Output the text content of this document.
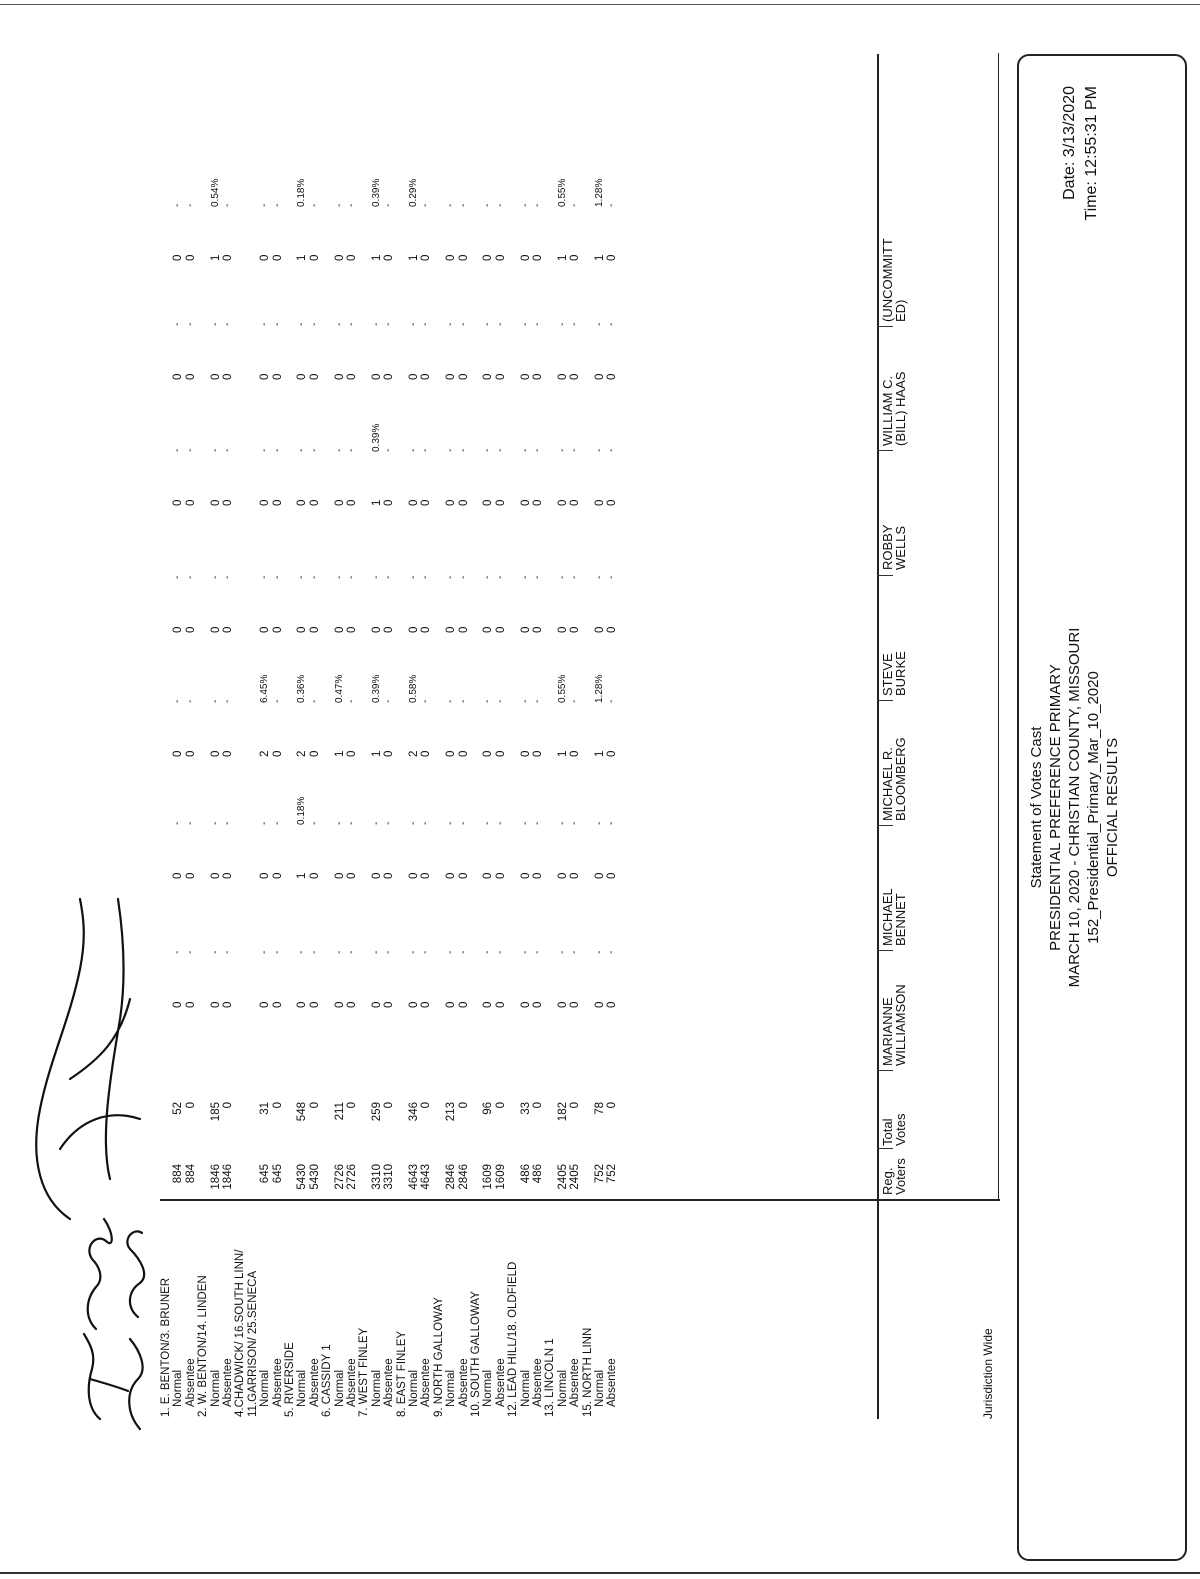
Statement of Votes Cast PRESIDENTIAL PREFERENCE PRIMARY MARCH 10, 2020 - CHRISTIAN COUNTY, MISSOURI 152_Presidential_Primary_Mar_10_2020 OFFICIAL RESULTS
Date: 3/13/2020 Time: 12:55:31 PM
Jurisdiction Wide
Reg.
Voters
Total
Votes
MARIANNE
WILLIAMSON
MICHAEL
BENNET
MICHAEL R.
BLOOMBERG
STEVE
BURKE
ROBBY
WELLS
WILLIAM C.
(BILL) HAAS
(UNCOMMITT
ED)
1. E. BENTON/3. BRUNER Normal
884
52
0
-
0
-
0
-
0
-
0
-
0
-
0
-
Absentee
884
0
0
-
0
-
0
-
0
-
0
-
0
-
0
-
2. W. BENTON/14. LINDEN Normal
1846
185
0
-
0
-
0
-
0
-
0
-
0
-
1
0.54%
Absentee
1846
0
0
-
0
-
0
-
0
-
0
-
0
-
0
-
4.CHADWICK/ 16.SOUTH LINN/ 11.GARRISON/ 25.SENECA Normal
645
31
0
-
0
-
2
6.45%
0
-
0
-
0
-
0
-
Absentee
645
0
0
-
0
-
0
-
0
-
0
-
0
-
0
-
5. RIVERSIDE Normal
5430
548
0
-
1
0.18%
2
0.36%
0
-
0
-
0
-
1
0.18%
Absentee
5430
0
0
-
0
-
0
-
0
-
0
-
0
-
0
-
6. CASSIDY 1 Normal
2726
211
0
-
0
-
1
0.47%
0
-
0
-
0
-
0
-
Absentee
2726
0
0
-
0
-
0
-
0
-
0
-
0
-
0
-
7. WEST FINLEY Normal
3310
259
0
-
0
-
1
0.39%
0
-
1
0.39%
0
-
1
0.39%
Absentee
3310
0
0
-
0
-
0
-
0
-
0
-
0
-
0
-
8. EAST FINLEY Normal
4643
346
0
-
0
-
2
0.58%
0
-
0
-
0
-
1
0.29%
Absentee
4643
0
0
-
0
-
0
-
0
-
0
-
0
-
0
-
9. NORTH GALLOWAY Normal
2846
213
0
-
0
-
0
-
0
-
0
-
0
-
0
-
Absentee
2846
0
0
-
0
-
0
-
0
-
0
-
0
-
0
-
10. SOUTH GALLOWAY Normal
1609
96
0
-
0
-
0
-
0
-
0
-
0
-
0
-
Absentee
1609
0
0
-
0
-
0
-
0
-
0
-
0
-
0
-
12. LEAD HILL/18. OLDFIELD Normal
486
33
0
-
0
-
0
-
0
-
0
-
0
-
0
-
Absentee
486
0
0
-
0
-
0
-
0
-
0
-
0
-
0
-
13. LINCOLN 1 Normal
2405
182
0
-
0
-
1
0.55%
0
-
0
-
0
-
1
0.55%
Absentee
2405
0
0
-
0
-
0
-
0
-
0
-
0
-
0
-
15. NORTH LINN Normal
752
78
0
-
0
-
1
1.28%
0
-
0
-
0
-
1
1.28%
Absentee
752
0
0
-
0
-
0
-
0
-
0
-
0
-
0
-
